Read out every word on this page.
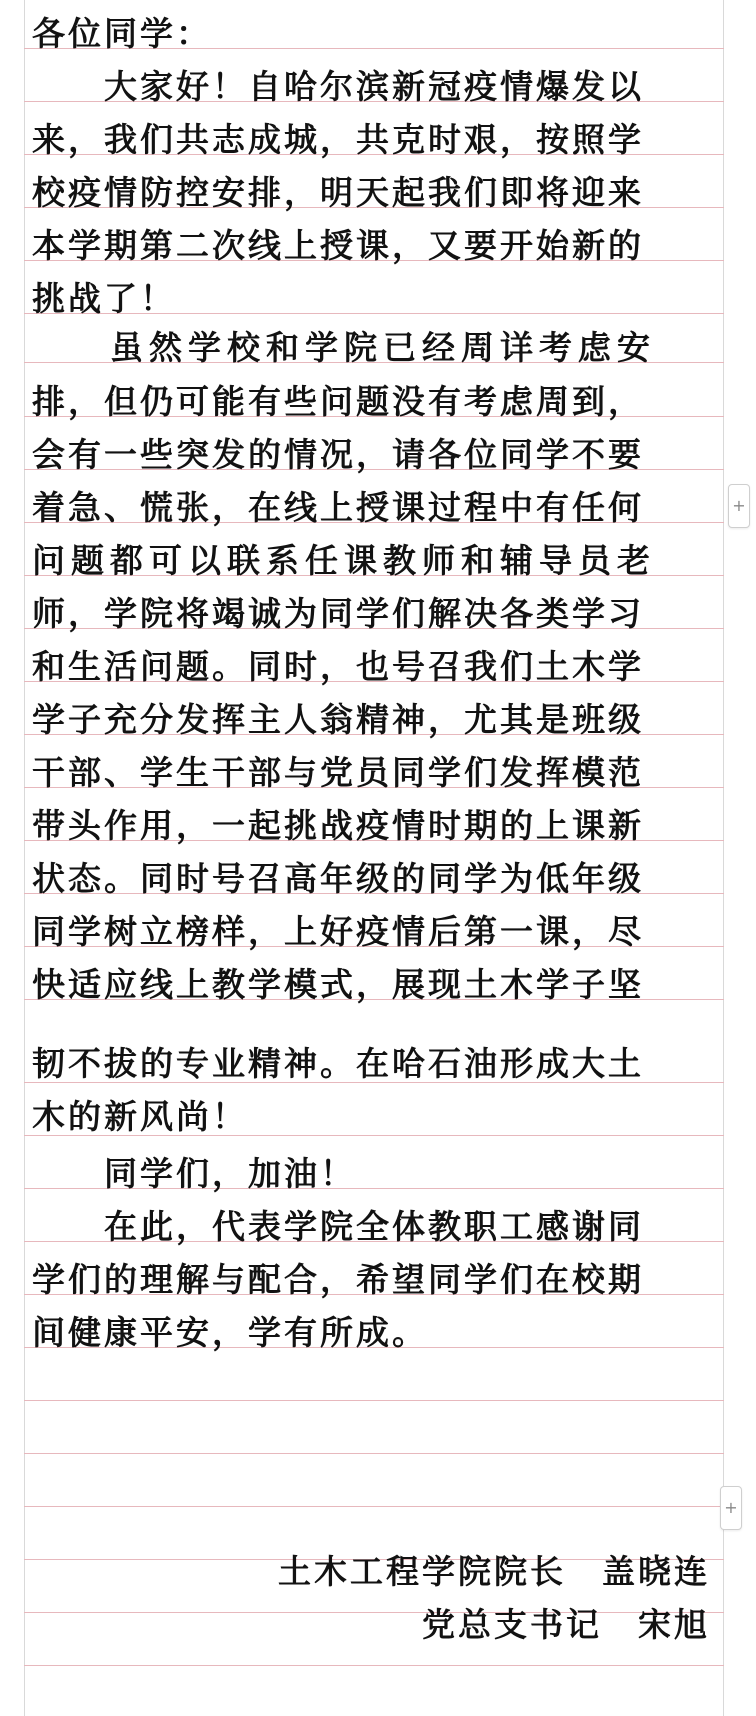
各位同学：
　　大家好！自哈尔滨新冠疫情爆发以
来，我们共志成城，共克时艰，按照学
校疫情防控安排，明天起我们即将迎来
本学期第二次线上授课，又要开始新的
挑战了！
　　虽然学校和学院已经周详考虑安
排，但仍可能有些问题没有考虑周到，
会有一些突发的情况，请各位同学不要
着急、慌张，在线上授课过程中有任何
问题都可以联系任课教师和辅导员老
师，学院将竭诚为同学们解决各类学习
和生活问题。同时，也号召我们土木学
学子充分发挥主人翁精神，尤其是班级
干部、学生干部与党员同学们发挥模范
带头作用，一起挑战疫情时期的上课新
状态。同时号召高年级的同学为低年级
同学树立榜样，上好疫情后第一课，尽
快适应线上教学模式，展现土木学子坚
韧不拔的专业精神。在哈石油形成大土
木的新风尚！
　　同学们，加油！
　　在此，代表学院全体教职工感谢同
学们的理解与配合，希望同学们在校期
间健康平安，学有所成。
土木工程学院院长　盖晓连
党总支书记　宋旭
+
+
